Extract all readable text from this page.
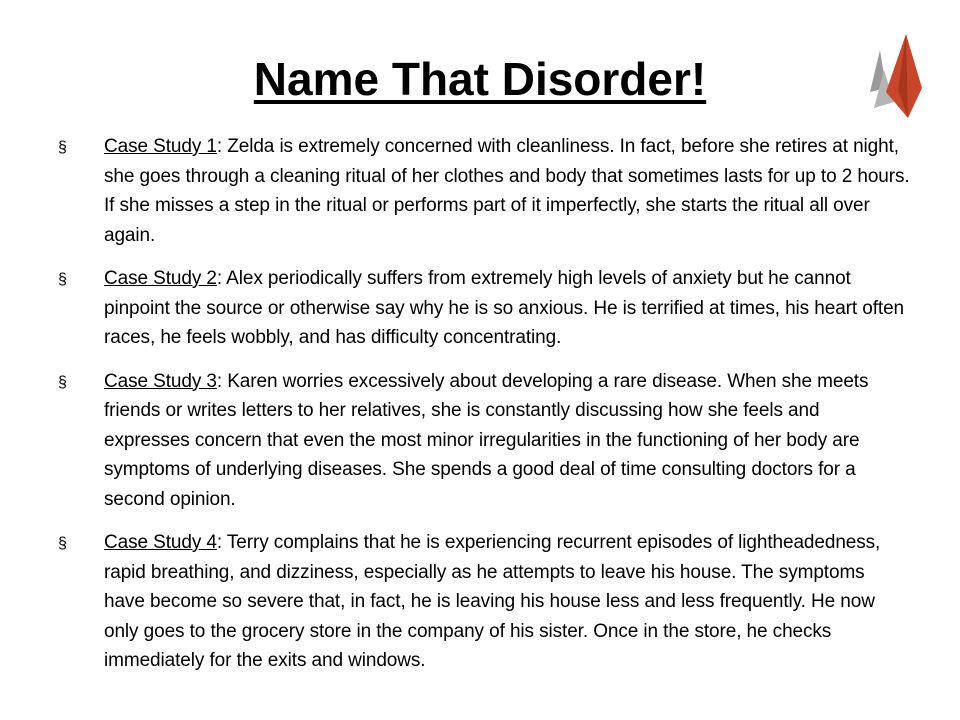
Name That Disorder!
§ Case Study 1: Zelda is extremely concerned with cleanliness. In fact, before she retires at night, she goes through a cleaning ritual of her clothes and body that sometimes lasts for up to 2 hours. If she misses a step in the ritual or performs part of it imperfectly, she starts the ritual all over again.
§ Case Study 2: Alex periodically suffers from extremely high levels of anxiety but he cannot pinpoint the source or otherwise say why he is so anxious. He is terrified at times, his heart often races, he feels wobbly, and has difficulty concentrating.
§ Case Study 3: Karen worries excessively about developing a rare disease. When she meets friends or writes letters to her relatives, she is constantly discussing how she feels and expresses concern that even the most minor irregularities in the functioning of her body are symptoms of underlying diseases. She spends a good deal of time consulting doctors for a second opinion.
§ Case Study 4: Terry complains that he is experiencing recurrent episodes of lightheadedness, rapid breathing, and dizziness, especially as he attempts to leave his house. The symptoms have become so severe that, in fact, he is leaving his house less and less frequently. He now only goes to the grocery store in the company of his sister. Once in the store, he checks immediately for the exits and windows.
